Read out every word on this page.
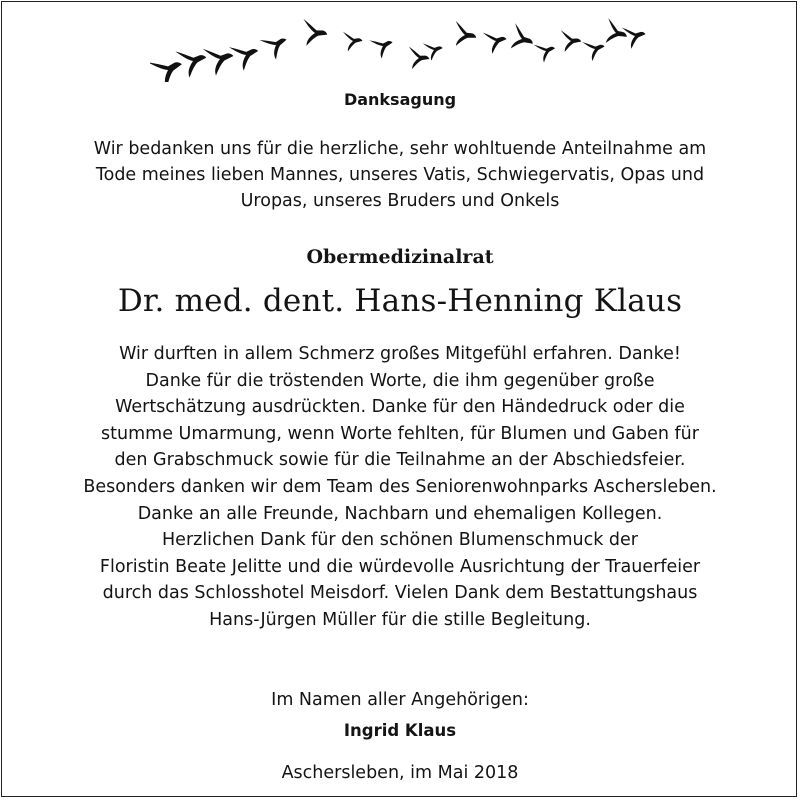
Danksagung
Wir bedanken uns für die herzliche, sehr wohltuende Anteilnahme am
Tode meines lieben Mannes, unseres Vatis, Schwiegervatis, Opas und
Uropas, unseres Bruders und Onkels
Obermedizinalrat
Dr. med. dent. Hans-Henning Klaus
Wir durften in allem Schmerz großes Mitgefühl erfahren. Danke!
Danke für die tröstenden Worte, die ihm gegenüber große
Wertschätzung ausdrückten. Danke für den Händedruck oder die
stumme Umarmung, wenn Worte fehlten, für Blumen und Gaben für
den Grabschmuck sowie für die Teilnahme an der Abschiedsfeier.
Besonders danken wir dem Team des Seniorenwohnparks Aschersleben.
Danke an alle Freunde, Nachbarn und ehemaligen Kollegen.
Herzlichen Dank für den schönen Blumenschmuck der
Floristin Beate Jelitte und die würdevolle Ausrichtung der Trauerfeier
durch das Schlosshotel Meisdorf. Vielen Dank dem Bestattungshaus
Hans-Jürgen Müller für die stille Begleitung.
Im Namen aller Angehörigen:
Ingrid Klaus
Aschersleben, im Mai 2018
